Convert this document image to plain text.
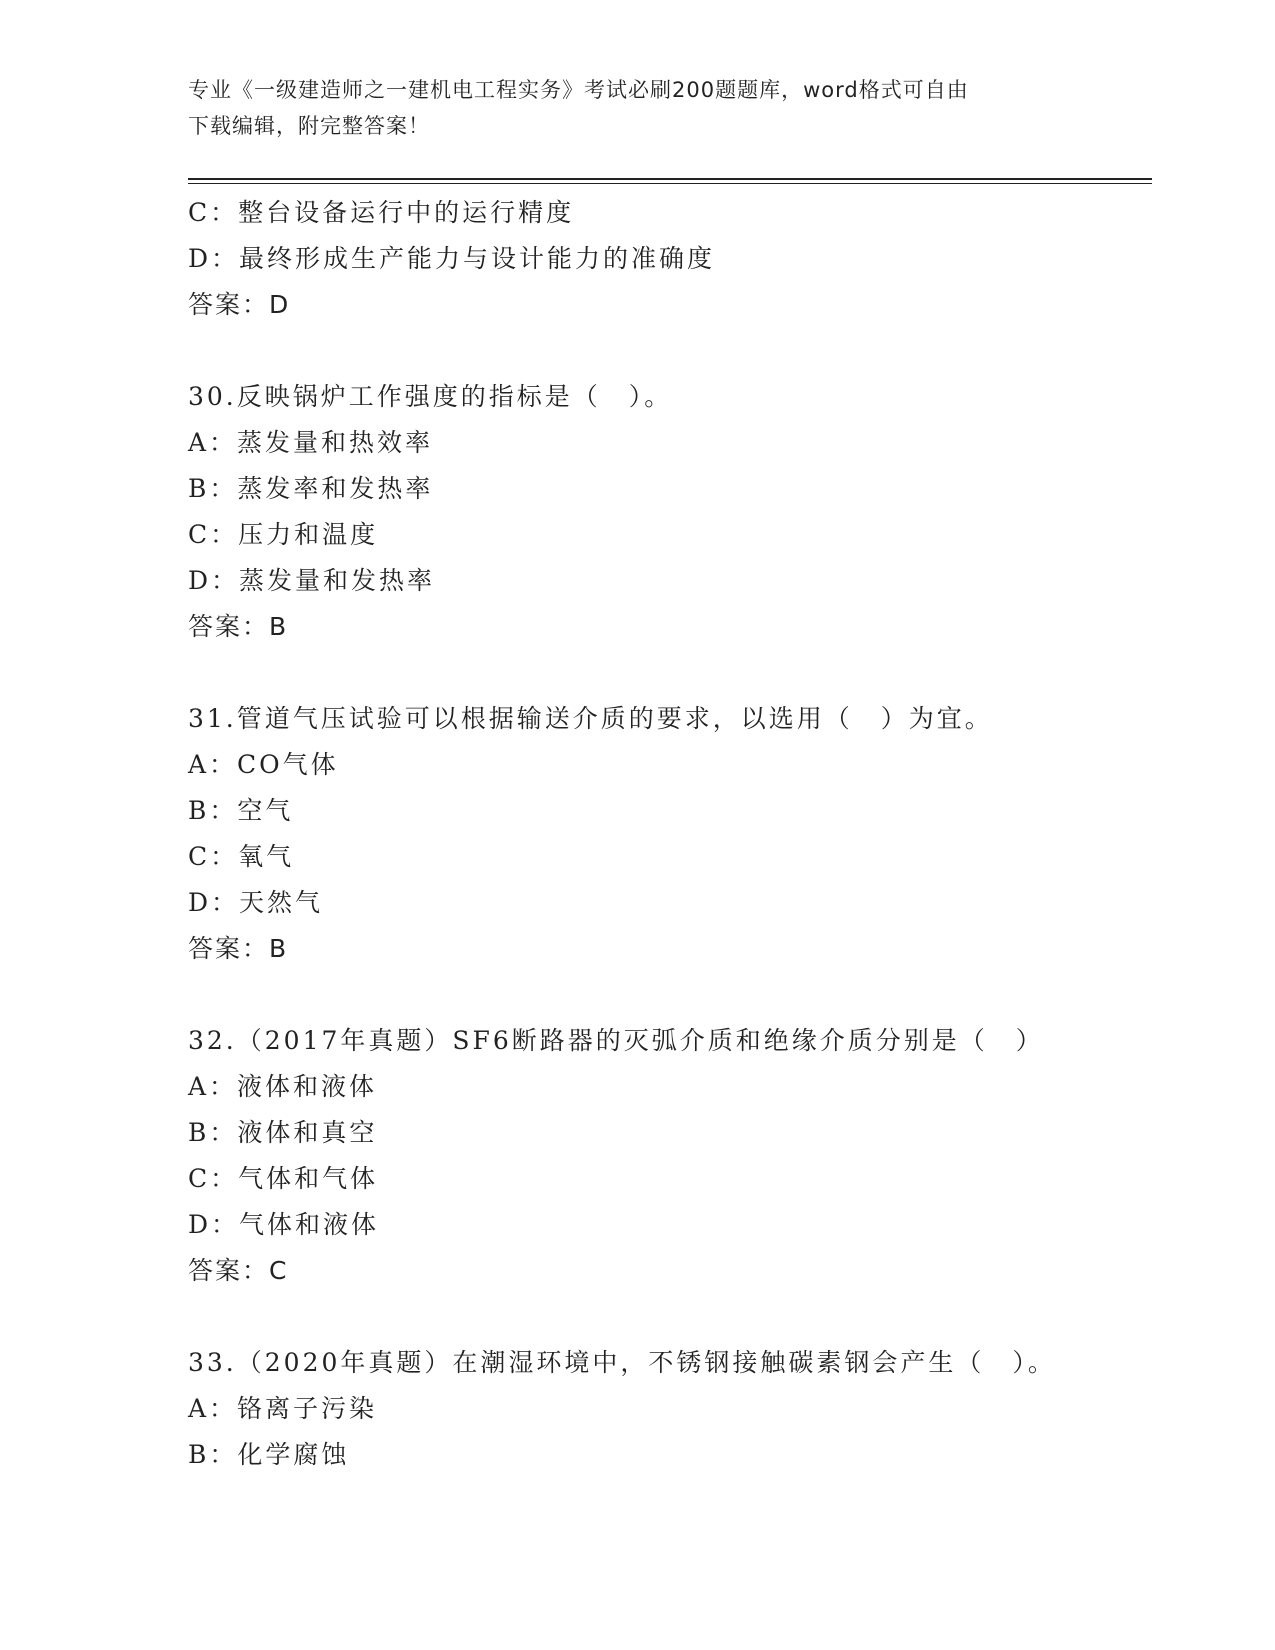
专业《一级建造师之一建机电工程实务》考试必刷200题题库，word格式可自由
下载编辑，附完整答案！
C：整台设备运行中的运行精度
D：最终形成生产能力与设计能力的准确度
答案：D
30.反映锅炉工作强度的指标是（　）。
A：蒸发量和热效率
B：蒸发率和发热率
C：压力和温度
D：蒸发量和发热率
答案：B
31.管道气压试验可以根据输送介质的要求，以选用（　）为宜。
A：CO气体
B：空气
C：氧气
D：天然气
答案：B
32.（2017年真题）SF6断路器的灭弧介质和绝缘介质分别是（　）
A：液体和液体
B：液体和真空
C：气体和气体
D：气体和液体
答案：C
33.（2020年真题）在潮湿环境中，不锈钢接触碳素钢会产生（　）。
A：铬离子污染
B：化学腐蚀
